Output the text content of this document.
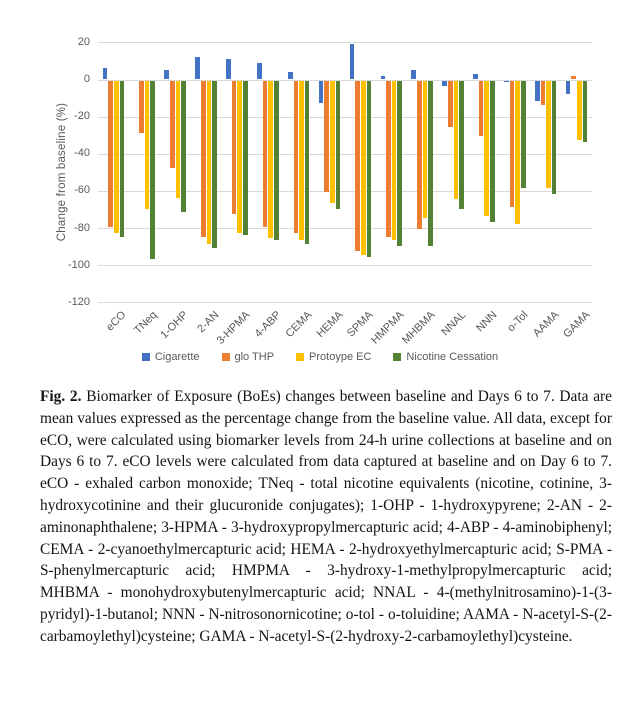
Change from baseline (%)
20
0
-20
-40
-60
-80
-100
-120
eCO TNeq
1-OHP 2-AN
3-HPMA 4-ABP CEMA HEMA SPMA
HMPMA
MHBMA NNAL NNN o-Tol AAMA GAMA
Cigarette	glo THP	Protoype EC	Nicotine Cessation

Fig. 2. Biomarker of Exposure (BoEs) changes between baseline and Days 6 to 7. Data are mean values expressed as the percentage change from the baseline value. All data, except for eCO, were calculated using biomarker levels from 24-h urine collections at baseline and on Days 6 to 7. eCO levels were calculated from data captured at baseline and on Day 6 to 7. eCO - exhaled carbon monoxide; TNeq - total nicotine equivalents (nicotine, cotinine, 3-hydroxycotinine and their glucuronide conjugates); 1-OHP - 1-hydroxypyrene; 2-AN - 2-aminonaphthalene; 3-HPMA - 3-hydroxypropylmercapturic acid; 4-ABP - 4-aminobiphenyl; CEMA - 2-cyanoethylmercapturic acid; HEMA - 2-hydroxyethylmercapturic acid; S-PMA - S-phenylmercapturic acid; HMPMA - 3-hydroxy-1-methylpropylmercapturic acid; MHBMA - monohydroxybutenylmercapturic acid; NNAL - 4-(methylnitrosamino)-1-(3-pyridyl)-1-butanol; NNN - N-nitrosonornicotine; o-tol - o-toluidine; AAMA - N-acetyl-S-(2-carbamoylethyl)cysteine; GAMA - N-acetyl-S-(2-hydroxy-2-carbamoylethyl)cysteine.
